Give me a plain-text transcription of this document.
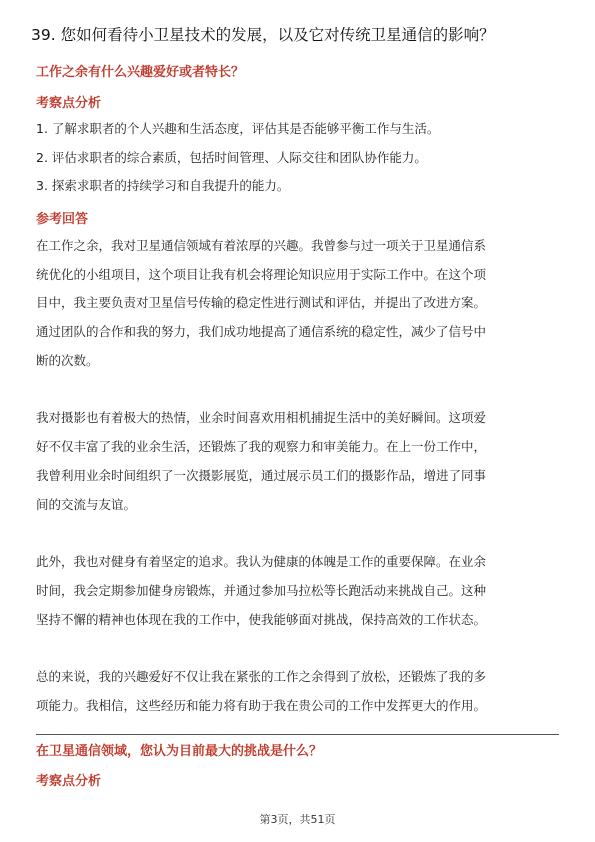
39. 您如何看待小卫星技术的发展，以及它对传统卫星通信的影响？
工作之余有什么兴趣爱好或者特长？
考察点分析
1. 了解求职者的个人兴趣和生活态度，评估其是否能够平衡工作与生活。
2. 评估求职者的综合素质，包括时间管理、人际交往和团队协作能力。
3. 探索求职者的持续学习和自我提升的能力。
参考回答
在工作之余，我对卫星通信领域有着浓厚的兴趣。我曾参与过一项关于卫星通信系
统优化的小组项目，这个项目让我有机会将理论知识应用于实际工作中。在这个项
目中，我主要负责对卫星信号传输的稳定性进行测试和评估，并提出了改进方案。
通过团队的合作和我的努力，我们成功地提高了通信系统的稳定性，减少了信号中
断的次数。
我对摄影也有着极大的热情，业余时间喜欢用相机捕捉生活中的美好瞬间。这项爱
好不仅丰富了我的业余生活，还锻炼了我的观察力和审美能力。在上一份工作中，
我曾利用业余时间组织了一次摄影展览，通过展示员工们的摄影作品，增进了同事
间的交流与友谊。
此外，我也对健身有着坚定的追求。我认为健康的体魄是工作的重要保障。在业余
时间，我会定期参加健身房锻炼，并通过参加马拉松等长跑活动来挑战自己。这种
坚持不懈的精神也体现在我的工作中，使我能够面对挑战，保持高效的工作状态。
总的来说，我的兴趣爱好不仅让我在紧张的工作之余得到了放松，还锻炼了我的多
项能力。我相信，这些经历和能力将有助于我在贵公司的工作中发挥更大的作用。
在卫星通信领域，您认为目前最大的挑战是什么？
考察点分析
第3页，共51页
